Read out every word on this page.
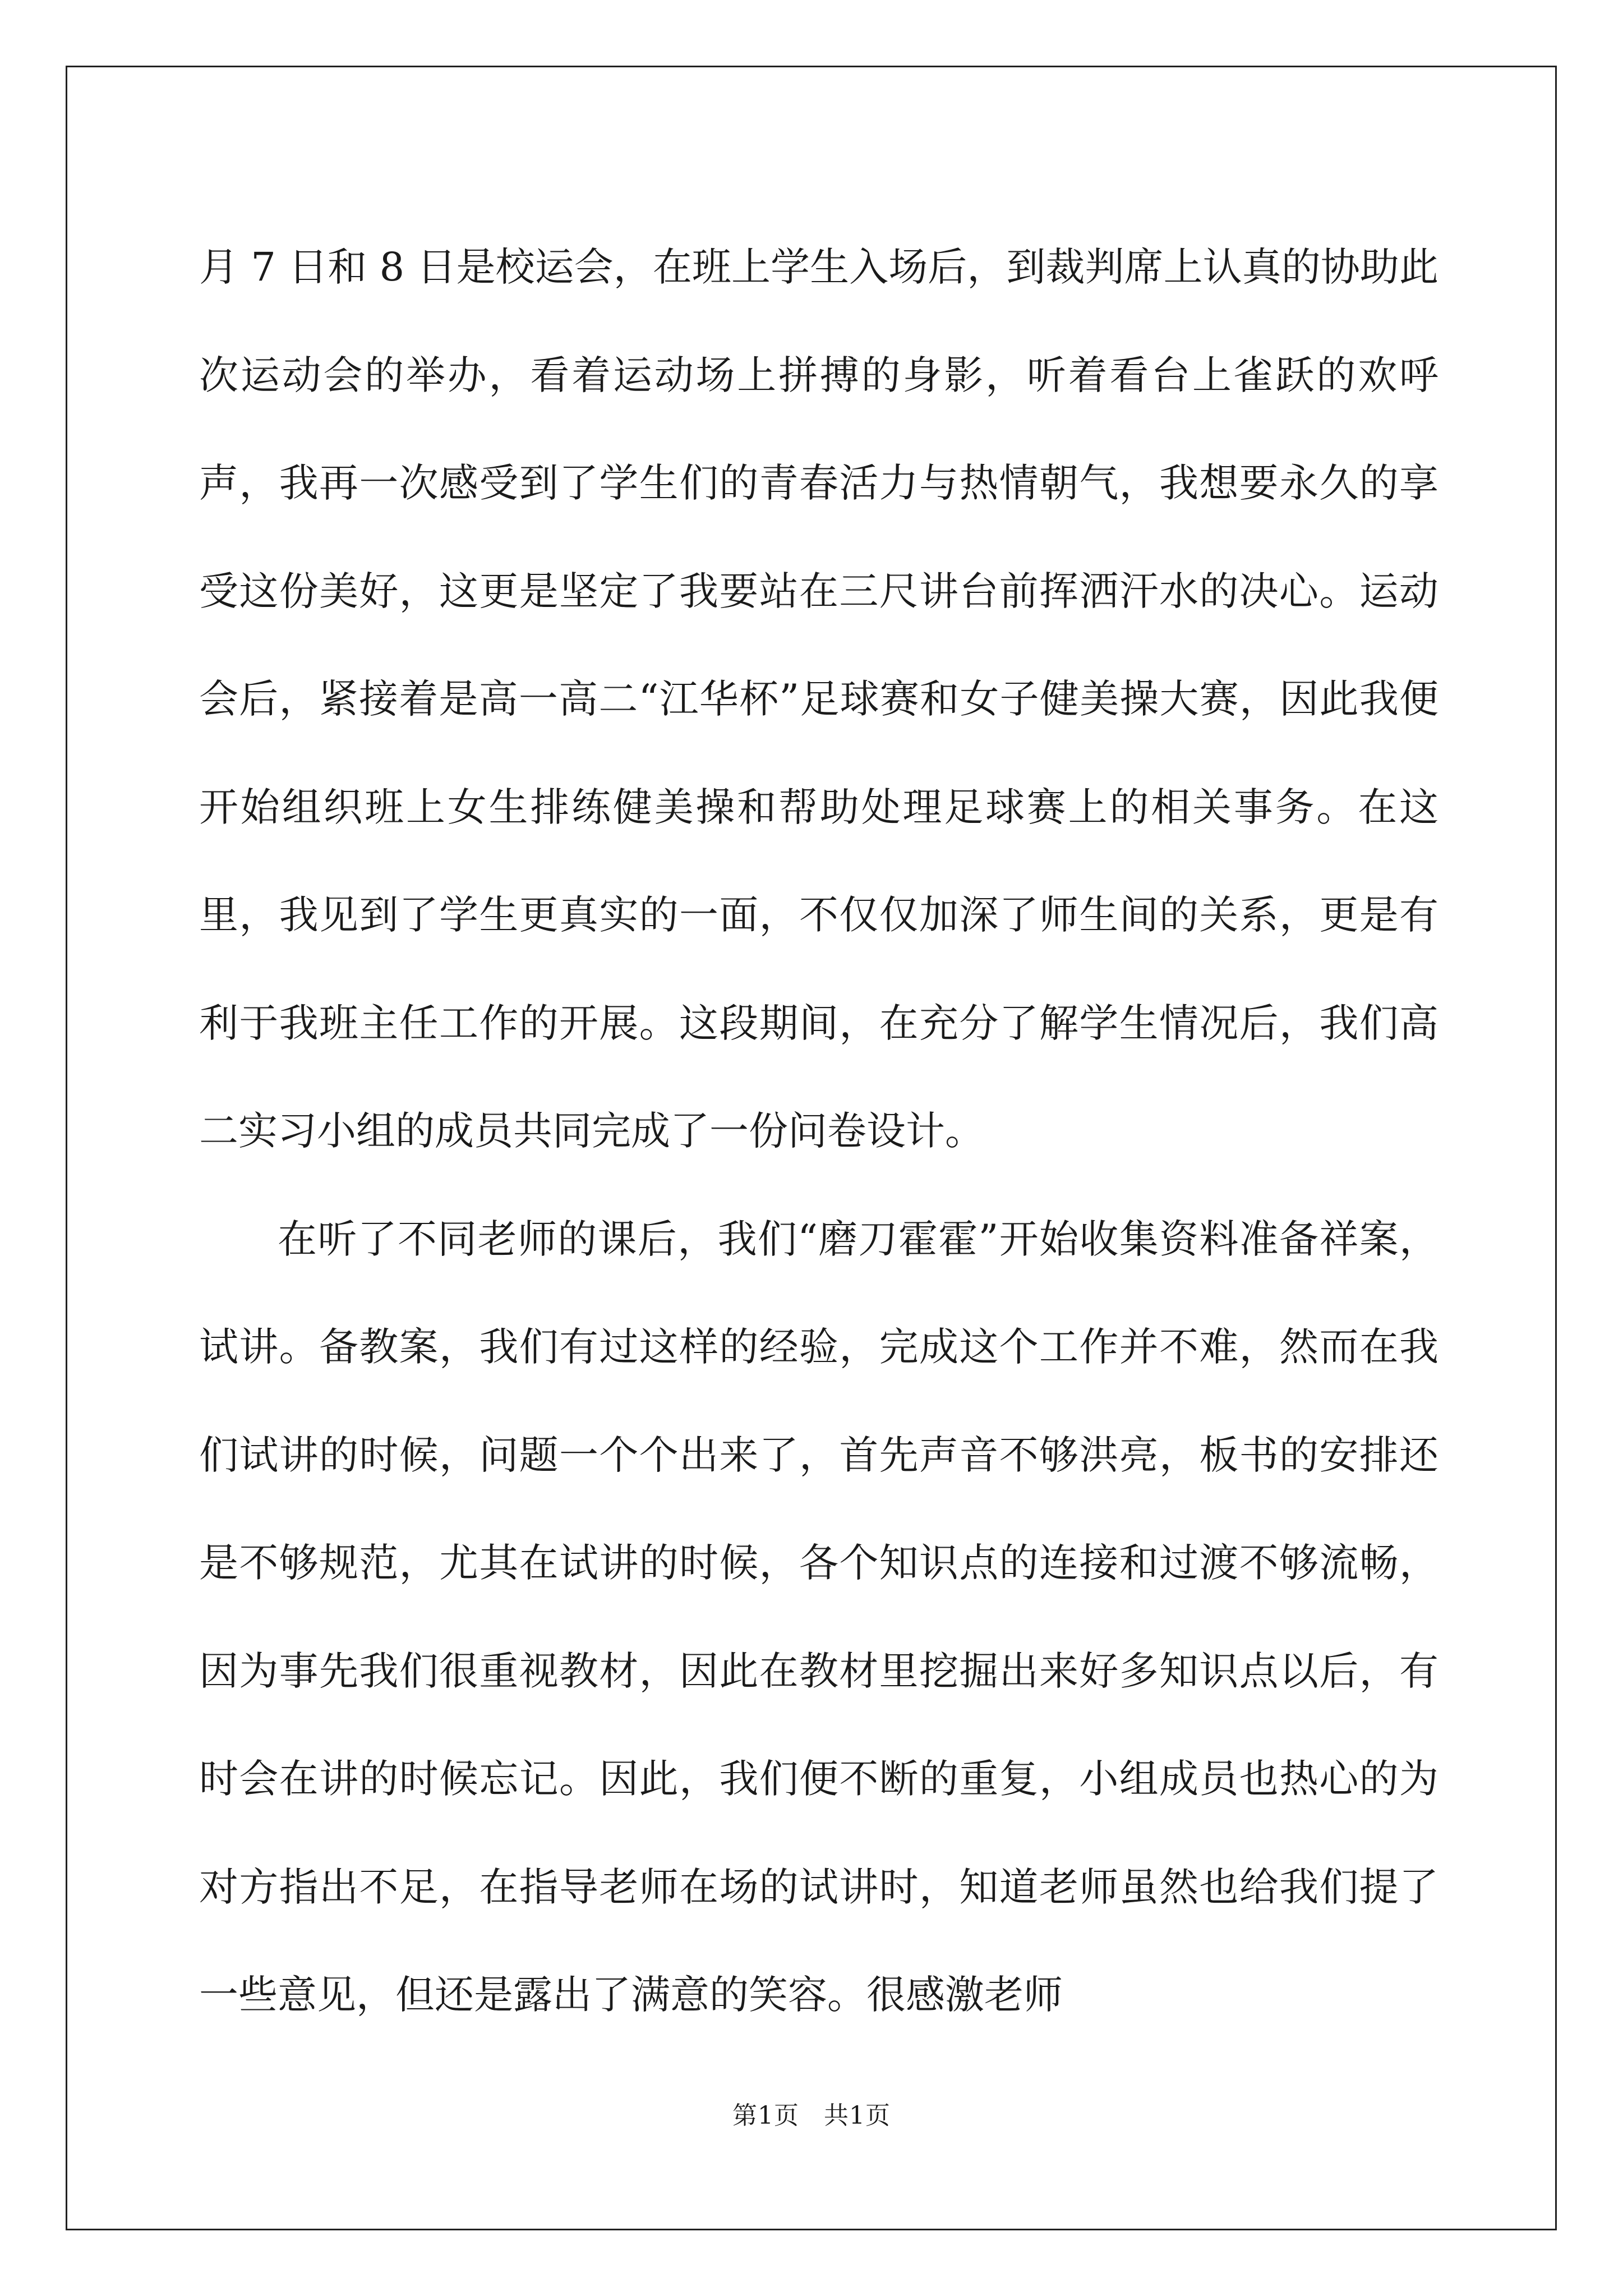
月 7 日和 8 日是校运会，在班上学生入场后，到裁判席上认真的协助此次运动会的举办，看着运动场上拼搏的身影，听着看台上雀跃的欢呼声，我再一次感受到了学生们的青春活力与热情朝气，我想要永久的享受这份美好，这更是坚定了我要站在三尺讲台前挥洒汗水的决心。运动会后，紧接着是高一高二“江华杯”足球赛和女子健美操大赛，因此我便开始组织班上女生排练健美操和帮助处理足球赛上的相关事务。在这里，我见到了学生更真实的一面，不仅仅加深了师生间的关系，更是有利于我班主任工作的开展。这段期间，在充分了解学生情况后，我们高二实习小组的成员共同完成了一份问卷设计。

在听了不同老师的课后，我们“磨刀霍霍”开始收集资料准备祥案，试讲。备教案，我们有过这样的经验，完成这个工作并不难，然而在我们试讲的时候，问题一个个出来了，首先声音不够洪亮，板书的安排还是不够规范，尤其在试讲的时候，各个知识点的连接和过渡不够流畅，因为事先我们很重视教材，因此在教材里挖掘出来好多知识点以后，有时会在讲的时候忘记。因此，我们便不断的重复，小组成员也热心的为对方指出不足，在指导老师在场的试讲时，知道老师虽然也给我们提了一些意见，但还是露出了满意的笑容。很感激老师

第1页 共1页
